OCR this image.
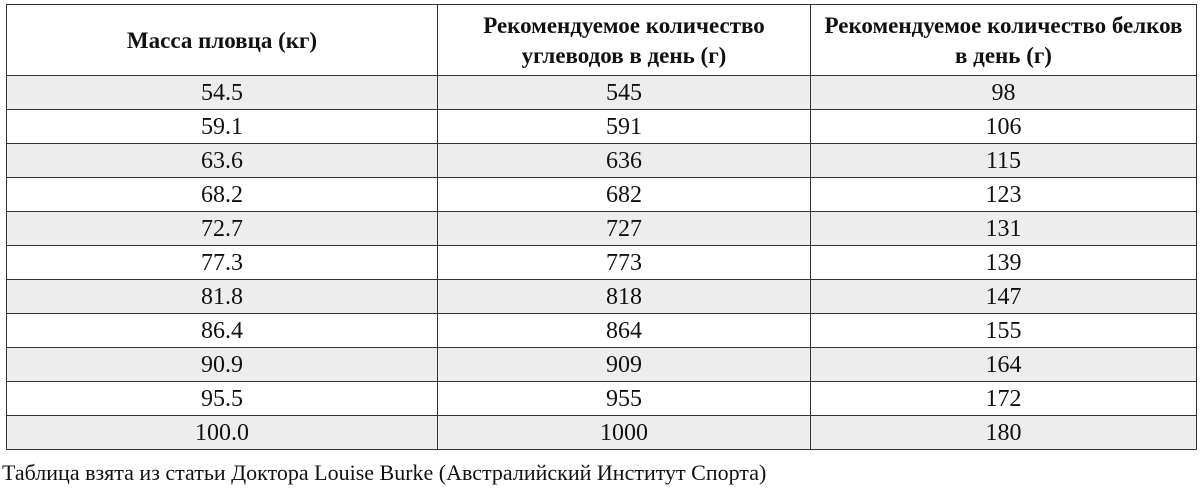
Масса пловца (кг)	Рекомендуемое количество углеводов в день (г)	Рекомендуемое количество белков в день (г)
54.5	545	98
59.1	591	106
63.6	636	115
68.2	682	123
72.7	727	131
77.3	773	139
81.8	818	147
86.4	864	155
90.9	909	164
95.5	955	172
100.0	1000	180
Таблица взята из статьи Доктора Louise Burke (Австралийский Институт Спорта)
